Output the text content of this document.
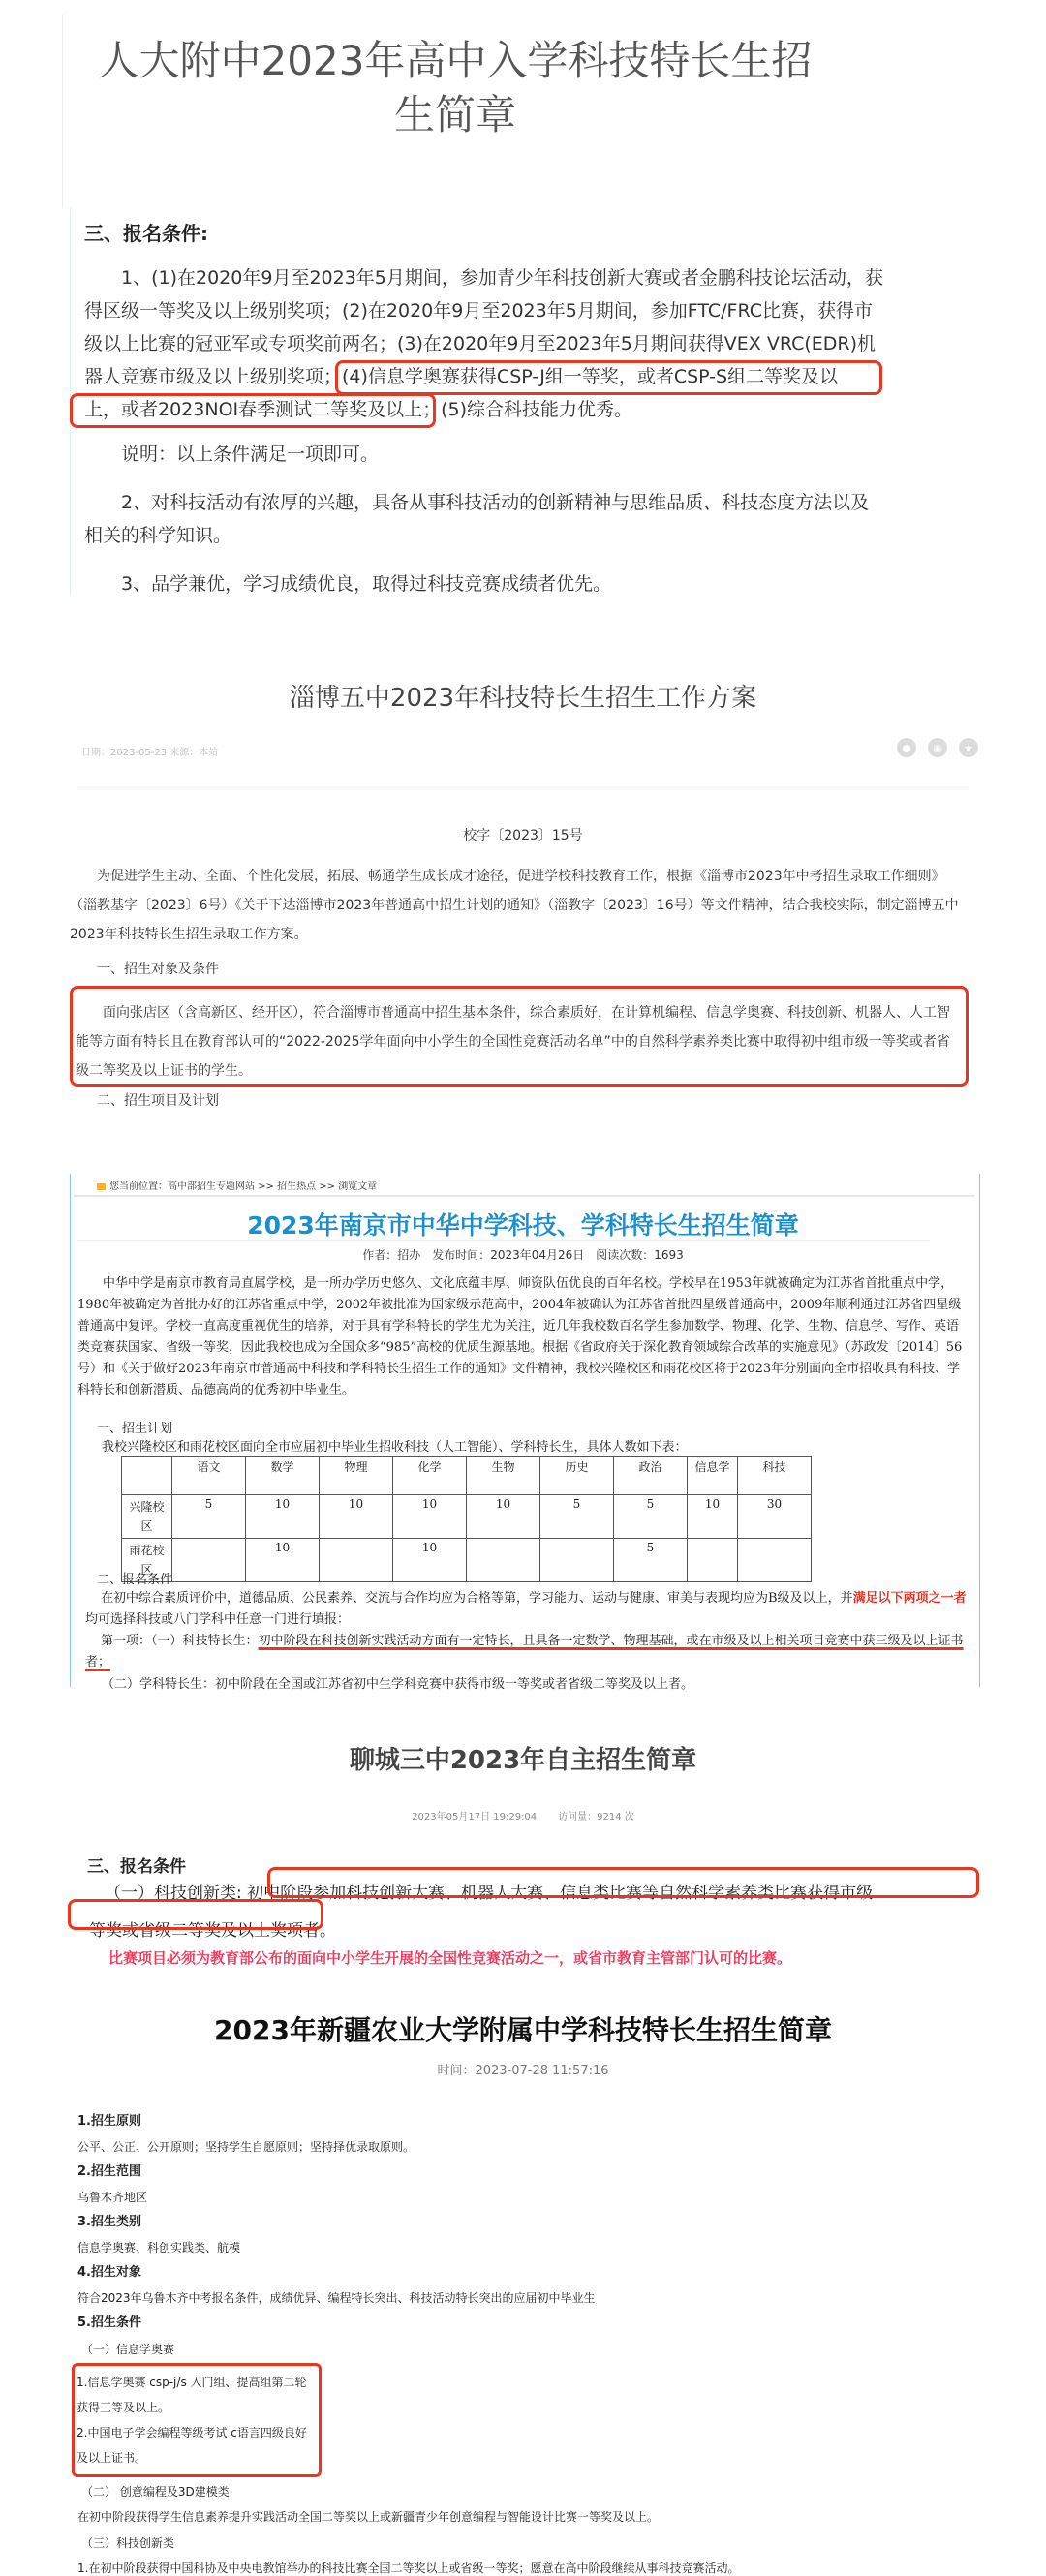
人大附中2023年高中入学科技特长生招
生简章
三、报名条件:

1、(1)在2020年9月至2023年5月期间，参加青少年科技创新大赛或者金鹏科技论坛活动，获
得区级一等奖及以上级别奖项；(2)在2020年9月至2023年5月期间，参加FTC/FRC比赛，获得市
级以上比赛的冠亚军或专项奖前两名；(3)在2020年9月至2023年5月期间获得VEX VRC(EDR)机
器人竞赛市级及以上级别奖项；(4)信息学奥赛获得CSP-J组一等奖，或者CSP-S组二等奖及以
上，或者2023NOI春季测试二等奖及以上；(5)综合科技能力优秀。

说明：以上条件满足一项即可。

2、对科技活动有浓厚的兴趣，具备从事科技活动的创新精神与思维品质、科技态度方法以及
相关的科学知识。

3、品学兼优，学习成绩优良，取得过科技竞赛成绩者优先。

淄博五中2023年科技特长生招生工作方案
日期：2023-05-23 来源：本站	●	◉	★
校字〔2023〕15号
为促进学生主动、全面、个性化发展，拓展、畅通学生成长成才途径，促进学校科技教育工作，根据《淄博市2023年中考招生录取工作细则》（淄教基字〔2023〕6号）《关于下达淄博市2023年普通高中招生计划的通知》（淄教字〔2023〕16号）等文件精神，结合我校实际，制定淄博五中2023年科技特长生招生录取工作方案。
一、招生对象及条件
面向张店区（含高新区、经开区），符合淄博市普通高中招生基本条件，综合素质好，在计算机编程、信息学奥赛、科技创新、机器人、人工智能等方面有特长且在教育部认可的“2022-2025学年面向中小学生的全国性竞赛活动名单”中的自然科学素养类比赛中取得初中组市级一等奖或者省级二等奖及以上证书的学生。
二、招生项目及计划
您当前位置：高中部招生专题网站 >> 招生热点 >> 浏览文章
2023年南京市中华中学科技、学科特长生招生简章
作者：招办　发布时间：2023年04月26日　阅读次数：1693
中华中学是南京市教育局直属学校，是一所办学历史悠久、文化底蕴丰厚、师资队伍优良的百年名校。学校早在1953年就被确定为江苏省首批重点中学，1980年被确定为首批办好的江苏省重点中学，2002年被批准为国家级示范高中，2004年被确认为江苏省首批四星级普通高中，2009年顺利通过江苏省四星级普通高中复评。学校一直高度重视优生的培养，对于具有学科特长的学生尤为关注，近几年我校数百名学生参加数学、物理、化学、生物、信息学、写作、英语类竞赛获国家、省级一等奖，因此我校也成为全国众多“985”高校的优质生源基地。根据《省政府关于深化教育领域综合改革的实施意见》（苏政发〔2014〕56号）和《关于做好2023年南京市普通高中科技和学科特长生招生工作的通知》文件精神，我校兴隆校区和雨花校区将于2023年分别面向全市招收具有科技、学科特长和创新潜质、品德高尚的优秀初中毕业生。
一、招生计划
我校兴隆校区和雨花校区面向全市应届初中毕业生招收科技（人工智能）、学科特长生，具体人数如下表：
	语文	数学	物理	化学	生物	历史	政治	信息学	科技
兴隆校区	5	10	10	10	10	5	5	10	30
雨花校区		10		10			5		
二、报名条件
在初中综合素质评价中，道德品质、公民素养、交流与合作均应为合格等第，学习能力、运动与健康、审美与表现均应为B级及以上，并满足以下两项之一者均可选择科技或八门学科中任意一门进行填报：
第一项：（一）科技特长生：初中阶段在科技创新实践活动方面有一定特长，且具备一定数学、物理基础，或在市级及以上相关项目竞赛中获三级及以上证书者；
（二）学科特长生：初中阶段在全国或江苏省初中生学科竞赛中获得市级一等奖或者省级二等奖及以上者。
聊城三中2023年自主招生简章
2023年05月17日 19:29:04 访问量：9214 次
三、报名条件
（一）科技创新类: 初中阶段参加科技创新大赛、机器人大赛、信息类比赛等自然科学素养类比赛获得市级
一等奖或省级二等奖及以上奖项者。
比赛项目必须为教育部公布的面向中小学生开展的全国性竞赛活动之一，或省市教育主管部门认可的比赛。
2023年新疆农业大学附属中学科技特长生招生简章
时间：2023-07-28 11:57:16
1.招生原则
公平、公正、公开原则；坚持学生自愿原则；坚持择优录取原则。
2.招生范围
乌鲁木齐地区
3.招生类别
信息学奥赛、科创实践类、航模
4.招生对象
符合2023年乌鲁木齐中考报名条件，成绩优异、编程特长突出、科技活动特长突出的应届初中毕业生
5.招生条件
（一）信息学奥赛
1.信息学奥赛 csp-j/s 入门组、提高组第二轮获得三等及以上。
2.中国电子学会编程等级考试 c语言四级良好及以上证书。
（二） 创意编程及3D建模类
在初中阶段获得学生信息素养提升实践活动全国二等奖以上或新疆青少年创意编程与智能设计比赛一等奖及以上。
（三）科技创新类
1.在初中阶段获得中国科协及中央电教馆举办的科技比赛全国二等奖以上或省级一等奖；愿意在高中阶段继续从事科技竞赛活动。
